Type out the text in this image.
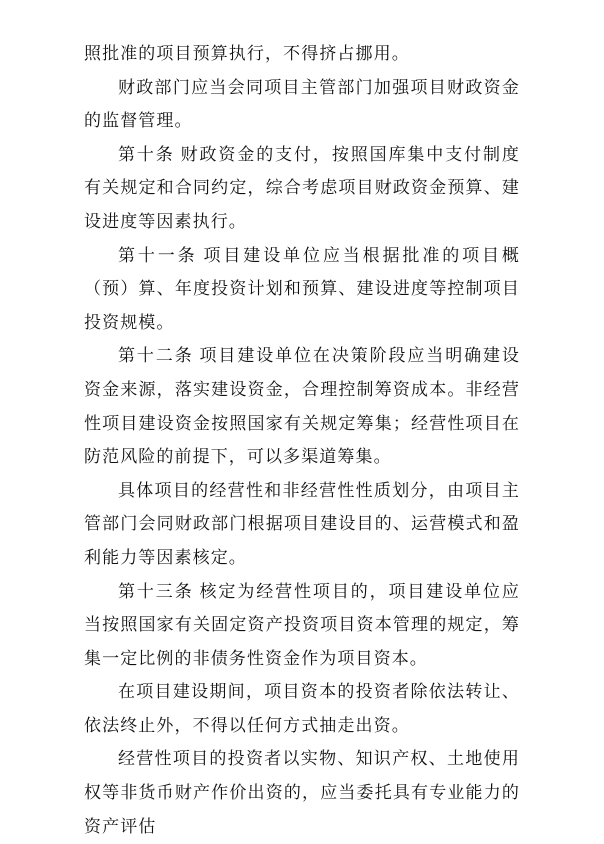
照批准的项目预算执行，不得挤占挪用。

财政部门应当会同项目主管部门加强项目财政资金的监督管理。

第十条 财政资金的支付，按照国库集中支付制度有关规定和合同约定，综合考虑项目财政资金预算、建设进度等因素执行。

第十一条 项目建设单位应当根据批准的项目概（预）算、年度投资计划和预算、建设进度等控制项目投资规模。

第十二条 项目建设单位在决策阶段应当明确建设资金来源，落实建设资金，合理控制筹资成本。非经营性项目建设资金按照国家有关规定筹集；经营性项目在防范风险的前提下，可以多渠道筹集。

具体项目的经营性和非经营性性质划分，由项目主管部门会同财政部门根据项目建设目的、运营模式和盈利能力等因素核定。

第十三条 核定为经营性项目的，项目建设单位应当按照国家有关固定资产投资项目资本管理的规定，筹集一定比例的非债务性资金作为项目资本。

在项目建设期间，项目资本的投资者除依法转让、依法终止外，不得以任何方式抽走出资。

经营性项目的投资者以实物、知识产权、土地使用权等非货币财产作价出资的，应当委托具有专业能力的资产评估
